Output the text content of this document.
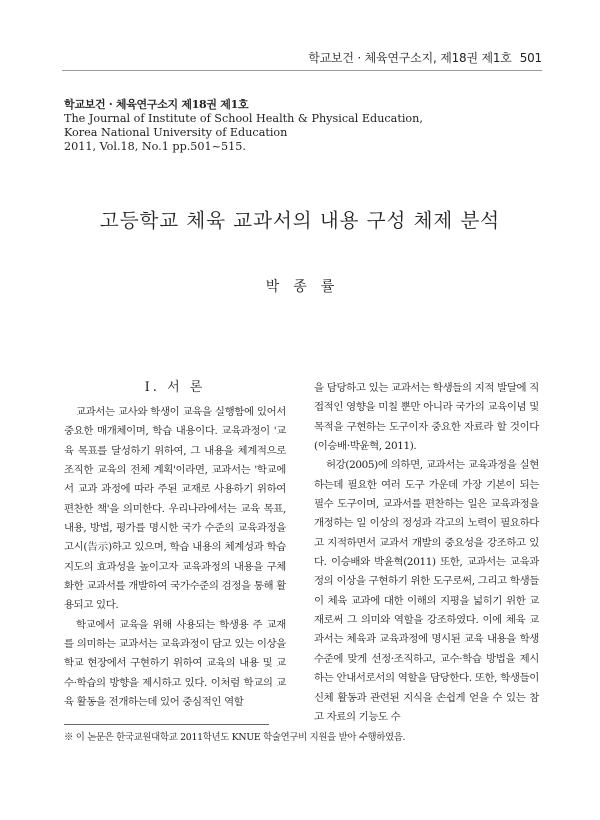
학교보건 · 체육연구소지, 제18권 제1호 501
학교보건 · 체육연구소지 제18권 제1호
The Journal of Institute of School Health & Physical Education,
Korea National University of Education
2011, Vol.18, No.1 pp.501~515.
고등학교 체육 교과서의 내용 구성 체제 분석
박종률
Ⅰ. 서 론

교과서는 교사와 학생이 교육을 실행함에 있어서 중요한 매개체이며, 학습 내용이다. 교육과정이 '교육 목표를 달성하기 위하여, 그 내용을 체계적으로 조직한 교육의 전체 계획'이라면, 교과서는 '학교에서 교과 과정에 따라 주된 교재로 사용하기 위하여 편찬한 책'을 의미한다. 우리나라에서는 교육 목표, 내용, 방법, 평가를 명시한 국가 수준의 교육과정을 고시(告示)하고 있으며, 학습 내용의 체계성과 학습 지도의 효과성을 높이고자 교육과정의 내용을 구체화한 교과서를 개발하여 국가수준의 검정을 통해 활용되고 있다.

학교에서 교육을 위해 사용되는 학생용 주 교재를 의미하는 교과서는 교육과정이 담고 있는 이상을 학교 현장에서 구현하기 위하여 교육의 내용 및 교수·학습의 방향을 제시하고 있다. 이처럼 학교의 교육 활동을 전개하는데 있어 중심적인 역할

을 담당하고 있는 교과서는 학생들의 지적 발달에 직접적인 영향을 미칠 뿐만 아니라 국가의 교육이념 및 목적을 구현하는 도구이자 중요한 자료라 할 것이다(이승배·박윤혁, 2011).

허강(2005)에 의하면, 교과서는 교육과정을 실현하는데 필요한 여러 도구 가운데 가장 기본이 되는 필수 도구이며, 교과서를 편찬하는 일은 교육과정을 개정하는 일 이상의 정성과 각고의 노력이 필요하다고 지적하면서 교과서 개발의 중요성을 강조하고 있다. 이승배와 박윤혁(2011) 또한, 교과서는 교육과정의 이상을 구현하기 위한 도구로써, 그리고 학생들이 체육 교과에 대한 이해의 지평을 넓히기 위한 교재로써 그 의미와 역할을 강조하였다. 이에 체육 교과서는 체육과 교육과정에 명시된 교육 내용을 학생 수준에 맞게 선정·조직하고, 교수·학습 방법을 제시하는 안내서로서의 역할을 담당한다. 또한, 학생들이 신체 활동과 관련된 지식을 손쉽게 얻을 수 있는 참고 자료의 기능도 수

※ 이 논문은 한국교원대학교 2011학년도 KNUE 학술연구비 지원을 받아 수행하였음.
